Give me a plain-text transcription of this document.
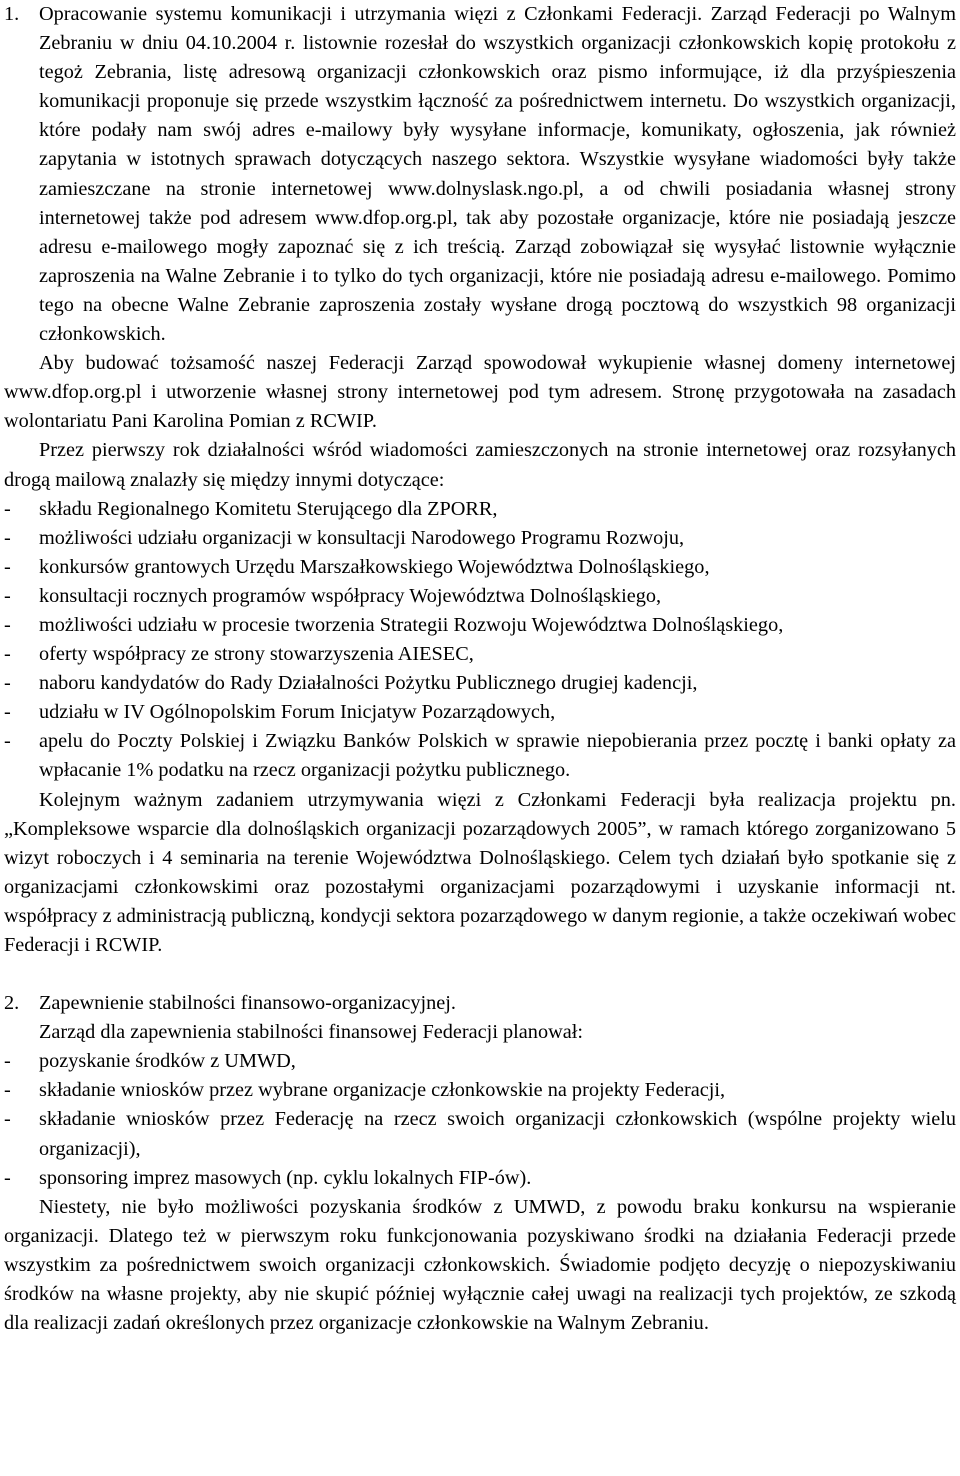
1. Opracowanie systemu komunikacji i utrzymania więzi z Członkami Federacji. Zarząd Federacji po Walnym Zebraniu w dniu 04.10.2004 r. listownie rozesłał do wszystkich organizacji członkowskich kopię protokołu z tegoż Zebrania, listę adresową organizacji członkowskich oraz pismo informujące, iż dla przyśpieszenia komunikacji proponuje się przede wszystkim łączność za pośrednictwem internetu. Do wszystkich organizacji, które podały nam swój adres e-mailowy były wysyłane informacje, komunikaty, ogłoszenia, jak również zapytania w istotnych sprawach dotyczących naszego sektora. Wszystkie wysyłane wiadomości były także zamieszczane na stronie internetowej www.dolnyslask.ngo.pl, a od chwili posiadania własnej strony internetowej także pod adresem www.dfop.org.pl, tak aby pozostałe organizacje, które nie posiadają jeszcze adresu e-mailowego mogły zapoznać się z ich treścią. Zarząd zobowiązał się wysyłać listownie wyłącznie zaproszenia na Walne Zebranie i to tylko do tych organizacji, które nie posiadają adresu e-mailowego. Pomimo tego na obecne Walne Zebranie zaproszenia zostały wysłane drogą pocztową do wszystkich 98 organizacji członkowskich.

Aby budować tożsamość naszej Federacji Zarząd spowodował wykupienie własnej domeny internetowej www.dfop.org.pl i utworzenie własnej strony internetowej pod tym adresem. Stronę przygotowała na zasadach wolontariatu Pani Karolina Pomian z RCWIP.

Przez pierwszy rok działalności wśród wiadomości zamieszczonych na stronie internetowej oraz rozsyłanych drogą mailową znalazły się między innymi dotyczące:

-	składu Regionalnego Komitetu Sterującego dla ZPORR,
-	możliwości udziału organizacji w konsultacji Narodowego Programu Rozwoju,
-	konkursów grantowych Urzędu Marszałkowskiego Województwa Dolnośląskiego,
-	konsultacji rocznych programów współpracy Województwa Dolnośląskiego,
-	możliwości udziału w procesie tworzenia Strategii Rozwoju Województwa Dolnośląskiego,
-	oferty współpracy ze strony stowarzyszenia AIESEC,
-	naboru kandydatów do Rady Działalności Pożytku Publicznego drugiej kadencji,
-	udziału w IV Ogólnopolskim Forum Inicjatyw Pozarządowych,
-	apelu do Poczty Polskiej i Związku Banków Polskich w sprawie niepobierania przez pocztę i banki opłaty za wpłacanie 1% podatku na rzecz organizacji pożytku publicznego.

Kolejnym ważnym zadaniem utrzymywania więzi z Członkami Federacji była realizacja projektu pn. „Kompleksowe wsparcie dla dolnośląskich organizacji pozarządowych 2005”, w ramach którego zorganizowano 5 wizyt roboczych i 4 seminaria na terenie Województwa Dolnośląskiego. Celem tych działań było spotkanie się z organizacjami członkowskimi oraz pozostałymi organizacjami pozarządowymi i uzyskanie informacji nt. współpracy z administracją publiczną, kondycji sektora pozarządowego w danym regionie, a także oczekiwań wobec Federacji i RCWIP.

2. Zapewnienie stabilności finansowo-organizacyjnej.

Zarząd dla zapewnienia stabilności finansowej Federacji planował:

-	pozyskanie środków z UMWD,
-	składanie wniosków przez wybrane organizacje członkowskie na projekty Federacji,
-	składanie wniosków przez Federację na rzecz swoich organizacji członkowskich (wspólne projekty wielu organizacji),
-	sponsoring imprez masowych (np. cyklu lokalnych FIP-ów).

Niestety, nie było możliwości pozyskania środków z UMWD, z powodu braku konkursu na wspieranie organizacji. Dlatego też w pierwszym roku funkcjonowania pozyskiwano środki na działania Federacji przede wszystkim za pośrednictwem swoich organizacji członkowskich. Świadomie podjęto decyzję o niepozyskiwaniu środków na własne projekty, aby nie skupić później wyłącznie całej uwagi na realizacji tych projektów, ze szkodą dla realizacji zadań określonych przez organizacje członkowskie na Walnym Zebraniu.
